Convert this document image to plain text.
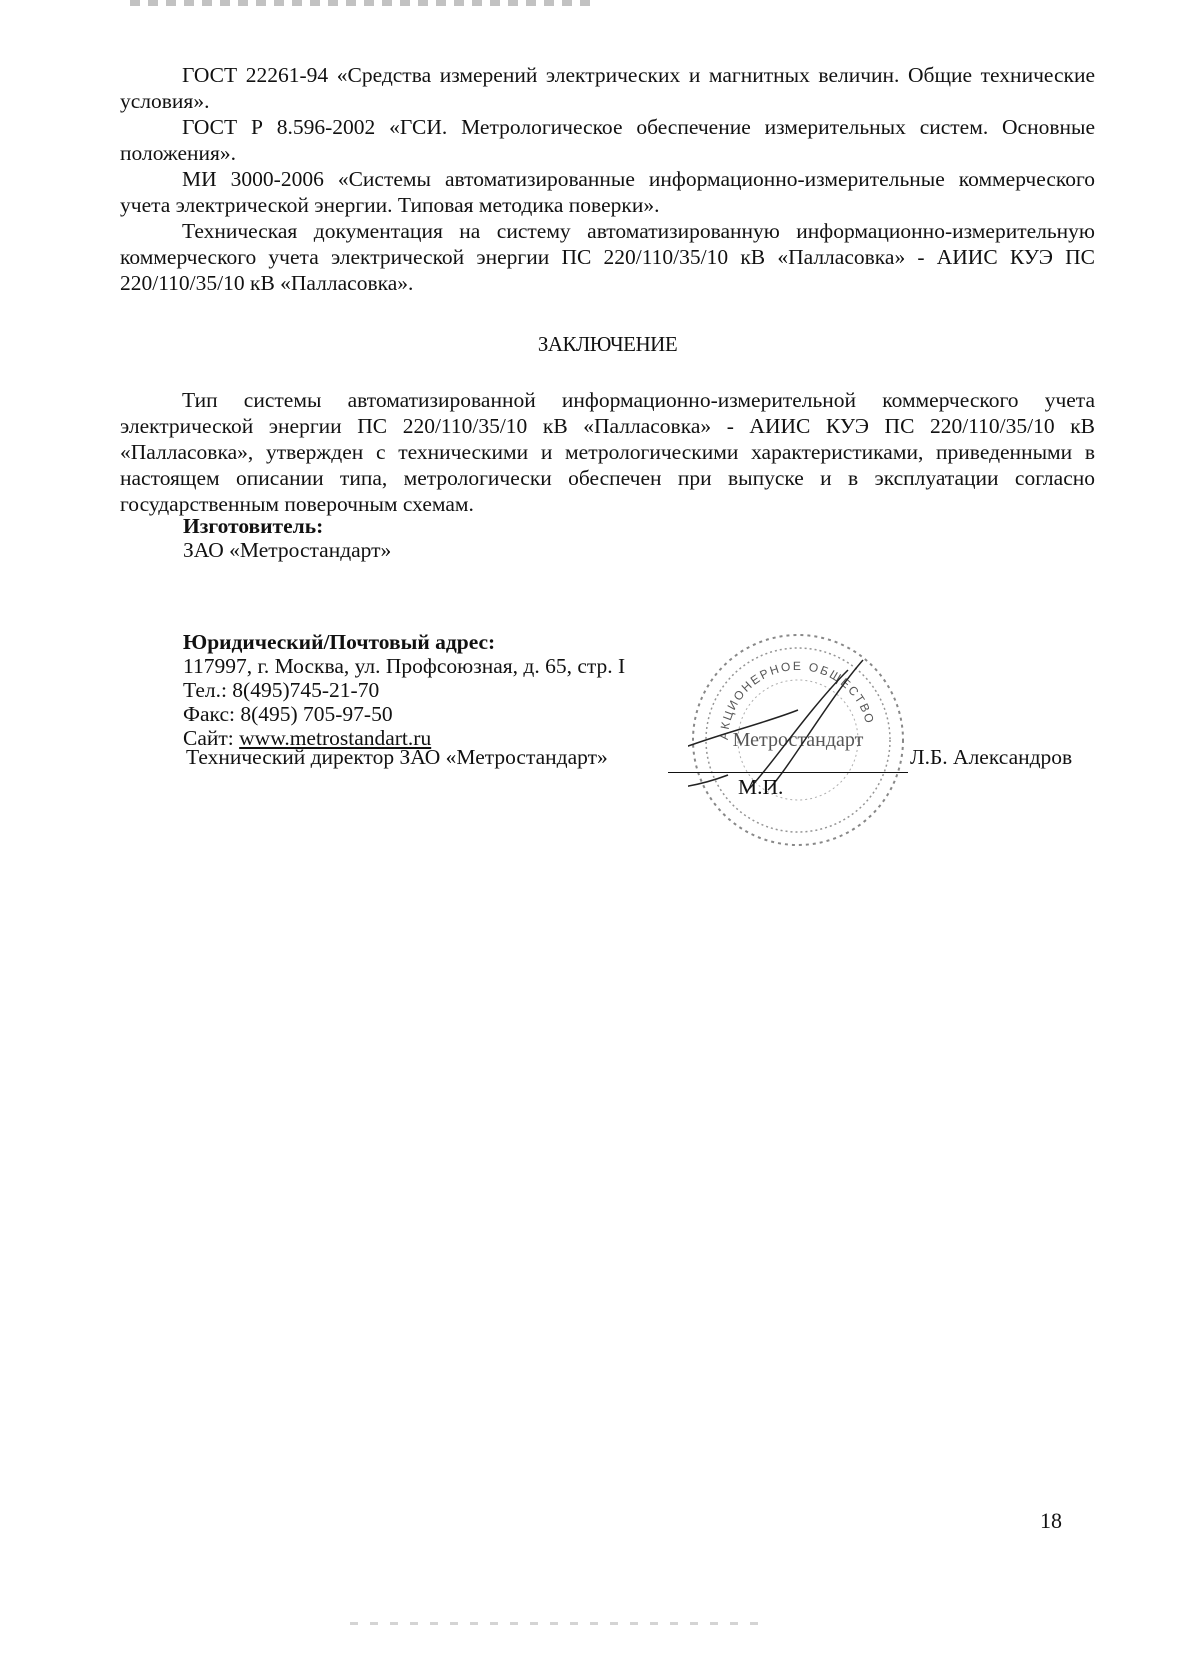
ГОСТ 22261-94 «Средства измерений электрических и магнитных величин. Общие технические условия».

ГОСТ Р 8.596-2002 «ГСИ. Метрологическое обеспечение измерительных систем. Основные положения».

МИ 3000-2006 «Системы автоматизированные информационно-измерительные коммерческого учета электрической энергии. Типовая методика поверки».

Техническая документация на систему автоматизированную информационно-измерительную коммерческого учета электрической энергии ПС 220/110/35/10 кВ «Палласовка» - АИИС КУЭ ПС 220/110/35/10 кВ «Палласовка».

ЗАКЛЮЧЕНИЕ

Тип системы автоматизированной информационно-измерительной коммерческого учета электрической энергии ПС 220/110/35/10 кВ «Палласовка» - АИИС КУЭ ПС 220/110/35/10 кВ «Палласовка», утвержден с техническими и метрологическими характеристиками, приведенными в настоящем описании типа, метрологически обеспечен при выпуске и в эксплуатации согласно государственным поверочным схемам.

Изготовитель:
ЗАО «Метростандарт»
Юридический/Почтовый адрес:
117997, г. Москва, ул. Профсоюзная, д. 65, стр. I
Тел.: 8(495)745-21-70
Факс: 8(495) 705-97-50
Сайт: www.metrostandart.ru
Технический директор ЗАО «Метростандарт»
АКЦИОНЕРНОЕ ОБЩЕСТВО
Метростандарт
М.П.
Л.Б. Александров
18
